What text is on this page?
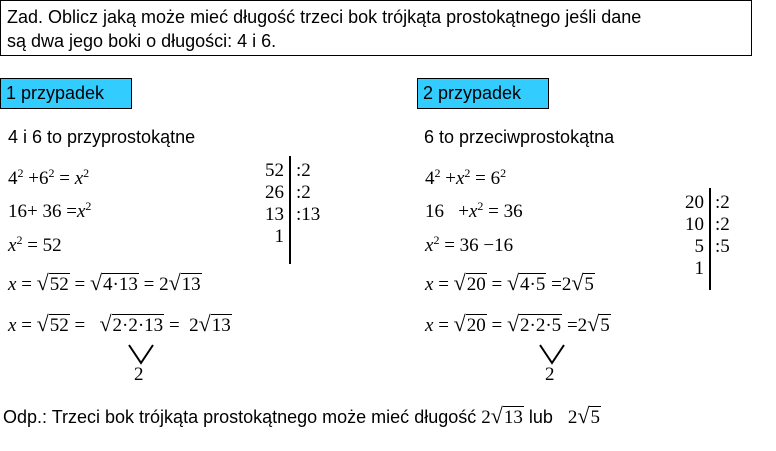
Zad. Oblicz jaką może mieć długość trzeci bok trójkąta prostokątnego jeśli dane
są dwa jego boki o długości: 4 i 6.
1 przypadek
4 i 6 to przyprostokątne
$4^2 +6^2 = x^2$
$16+ 36 =x^2$
$x^2 = 52$
x = √52 = √4·13 = 2√13
x = √52 = √2·2·13 = 2√13
2
52
26
13
1
:2
:2
:13
2 przypadek
6 to przeciwprostokątna
$4^2 +x^2 = 6^2$
$16 +x^2 = 36$
$x^2 = 36 -16$
x = √20 = √4·5 =2√5
x = √20 = √2·2·5 =2√5
2
20
10
5
1
:2
:2
:5
Odp.: Trzeci bok trójkąta prostokątnego może mieć długość 2√13 lub 2√5
